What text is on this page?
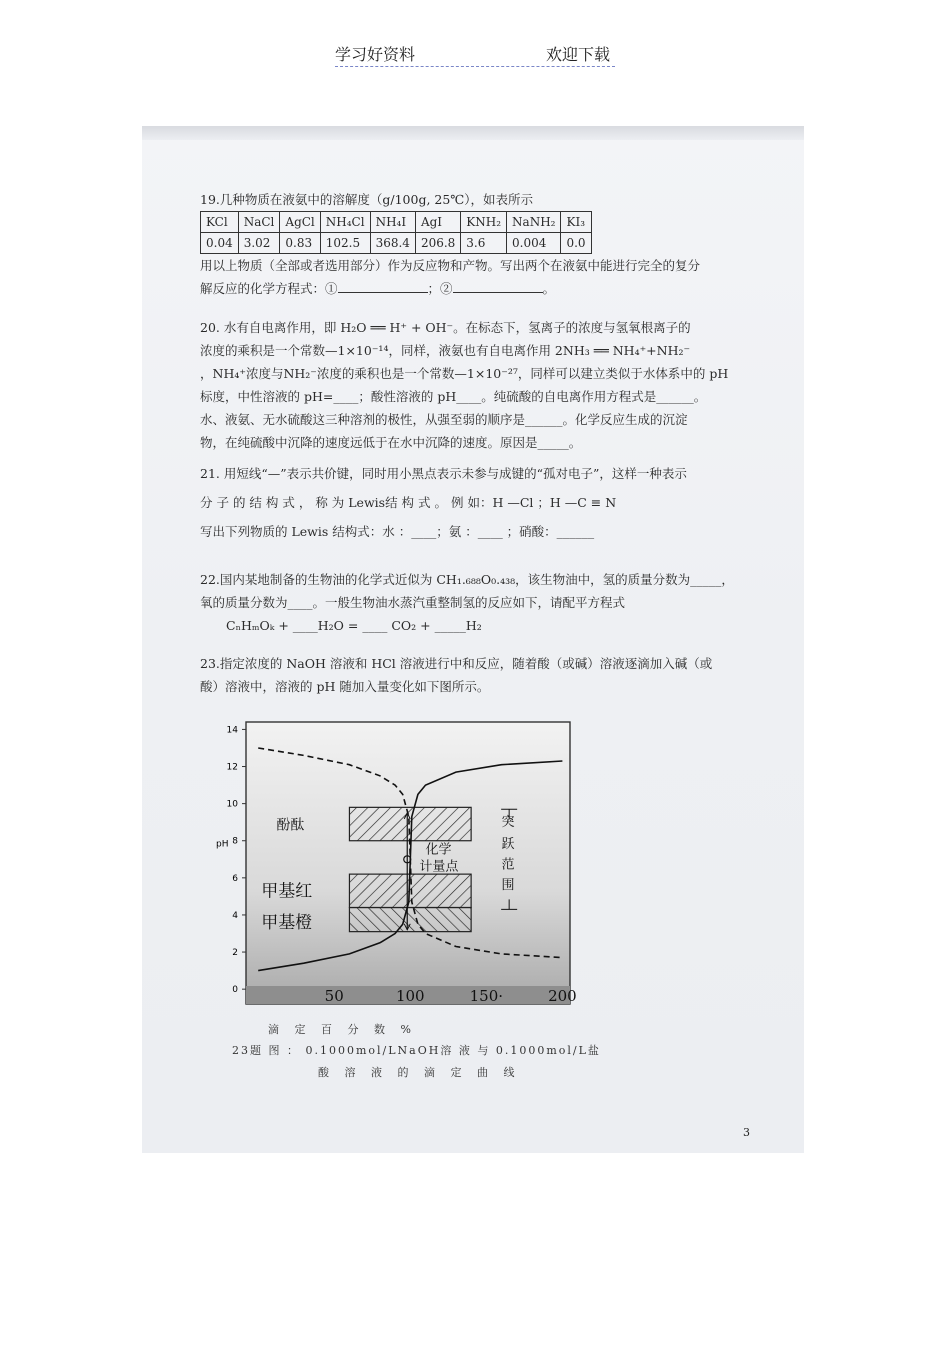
学习好资料	欢迎下载
19.几种物质在液氨中的溶解度（g/100g, 25℃），如表所示
KCl	NaCl	AgCl	NH₄Cl	NH₄I	AgI	KNH₂	NaNH₂	KI₃
0.04	3.02	0.83	102.5	368.4	206.8	3.6	0.004	0.0
用以上物质（全部或者选用部分）作为反应物和产物。写出两个在液氨中能进行完全的复分
解反应的化学方程式：①	；②	。
20. 水有自电离作用，即 H₂O ══ H⁺ + OH⁻。在标态下，氢离子的浓度与氢氧根离子的
浓度的乘积是一个常数—1×10⁻¹⁴，同样，液氨也有自电离作用 2NH₃ ══ NH₄⁺+NH₂⁻
，NH₄⁺浓度与NH₂⁻浓度的乘积也是一个常数—1×10⁻²⁷，同样可以建立类似于水体系中的 pH
标度，中性溶液的 pH=____；酸性溶液的 pH____。纯硫酸的自电离作用方程式是______。
水、液氨、无水硫酸这三种溶剂的极性，从强至弱的顺序是______。化学反应生成的沉淀
物，在纯硫酸中沉降的速度远低于在水中沉降的速度。原因是_____。
21. 用短线“—”表示共价键，同时用小黑点表示未参与成键的“孤对电子”，这样一种表示
分 子 的 结 构 式 ， 称 为 Lewis结 构 式 。 例 如：H —Cl ；H —C ≡ N
写出下列物质的 Lewis 结构式：水 ：____；氨 ：____ ；硝酸：______
22.国内某地制备的生物油的化学式近似为 CH₁.₆₈₈O₀.₄₃₈，该生物油中，氢的质量分数为_____，
氧的质量分数为____。一般生物油水蒸汽重整制氢的反应如下，请配平方程式
CₙHₘOₖ + ____H₂O = ____ CO₂ + _____H₂
23.指定浓度的 NaOH 溶液和 HCl 溶液进行中和反应，随着酸（或碱）溶液逐滴加入碱（或
酸）溶液中，溶液的 pH 随加入量变化如下图所示。
0
2
4
6
8
10
12
14
pH
50	100	150·	200
酚酞
甲基红
甲基橙
化学
计量点
突
跃
范
围
滴 定 百 分 数 %
23题 图 ： 0.1000mol/LNaOH溶 液 与 0.1000mol/L盐
酸 溶 液 的 滴 定 曲 线
3
